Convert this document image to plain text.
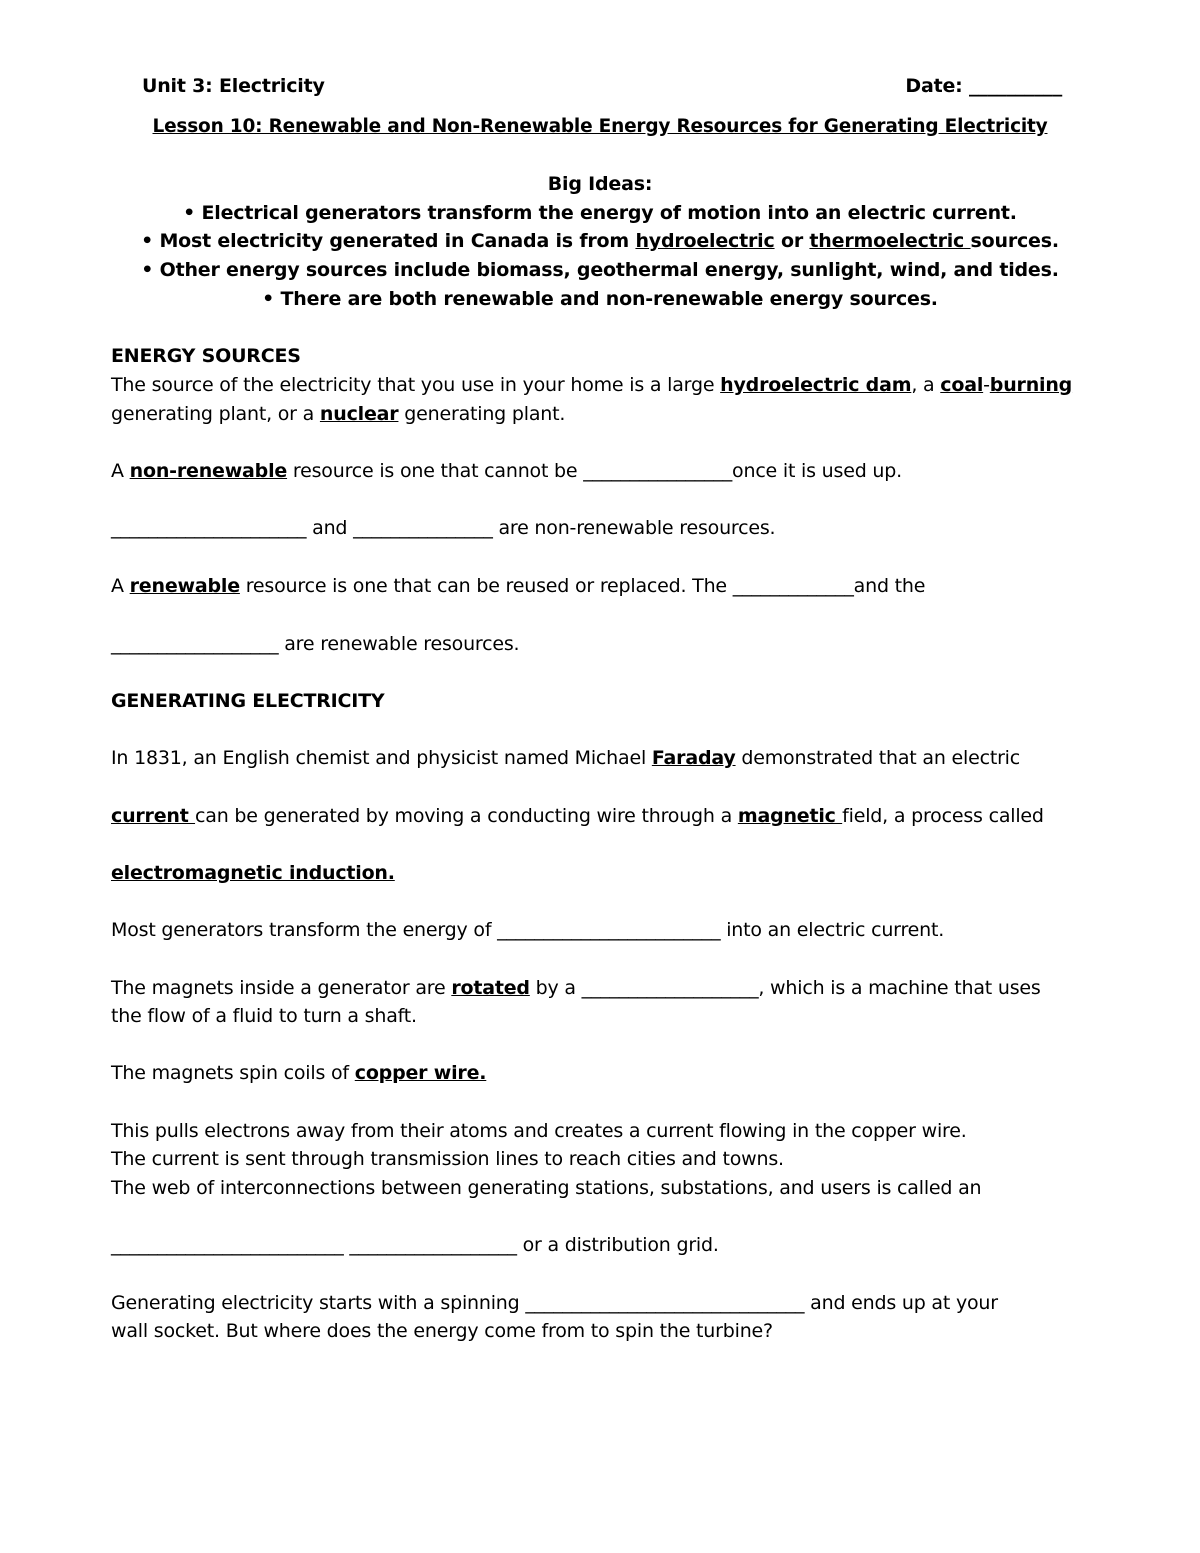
Unit 3: Electricity	Date: __________
Lesson 10: Renewable and Non-Renewable Energy Resources for Generating Electricity
Big Ideas:
• Electrical generators transform the energy of motion into an electric current.
• Most electricity generated in Canada is from hydroelectric or thermoelectric sources.
• Other energy sources include biomass, geothermal energy, sunlight, wind, and tides.
• There are both renewable and non-renewable energy sources.
ENERGY SOURCES
The source of the electricity that you use in your home is a large hydroelectric dam, a coal-burning
generating plant, or a nuclear generating plant.
A non-renewable resource is one that cannot be ________________once it is used up.
_____________________ and _______________ are non-renewable resources.
A renewable resource is one that can be reused or replaced. The _____________and the
__________________ are renewable resources.
GENERATING ELECTRICITY
In 1831, an English chemist and physicist named Michael Faraday demonstrated that an electric
current can be generated by moving a conducting wire through a magnetic field, a process called
electromagnetic induction.
Most generators transform the energy of ________________________ into an electric current.
The magnets inside a generator are rotated by a ___________________, which is a machine that uses
the flow of a fluid to turn a shaft.
The magnets spin coils of copper wire.
This pulls electrons away from their atoms and creates a current flowing in the copper wire.
The current is sent through transmission lines to reach cities and towns.
The web of interconnections between generating stations, substations, and users is called an
_________________________ __________________ or a distribution grid.
Generating electricity starts with a spinning ______________________________ and ends up at your
wall socket. But where does the energy come from to spin the turbine?
